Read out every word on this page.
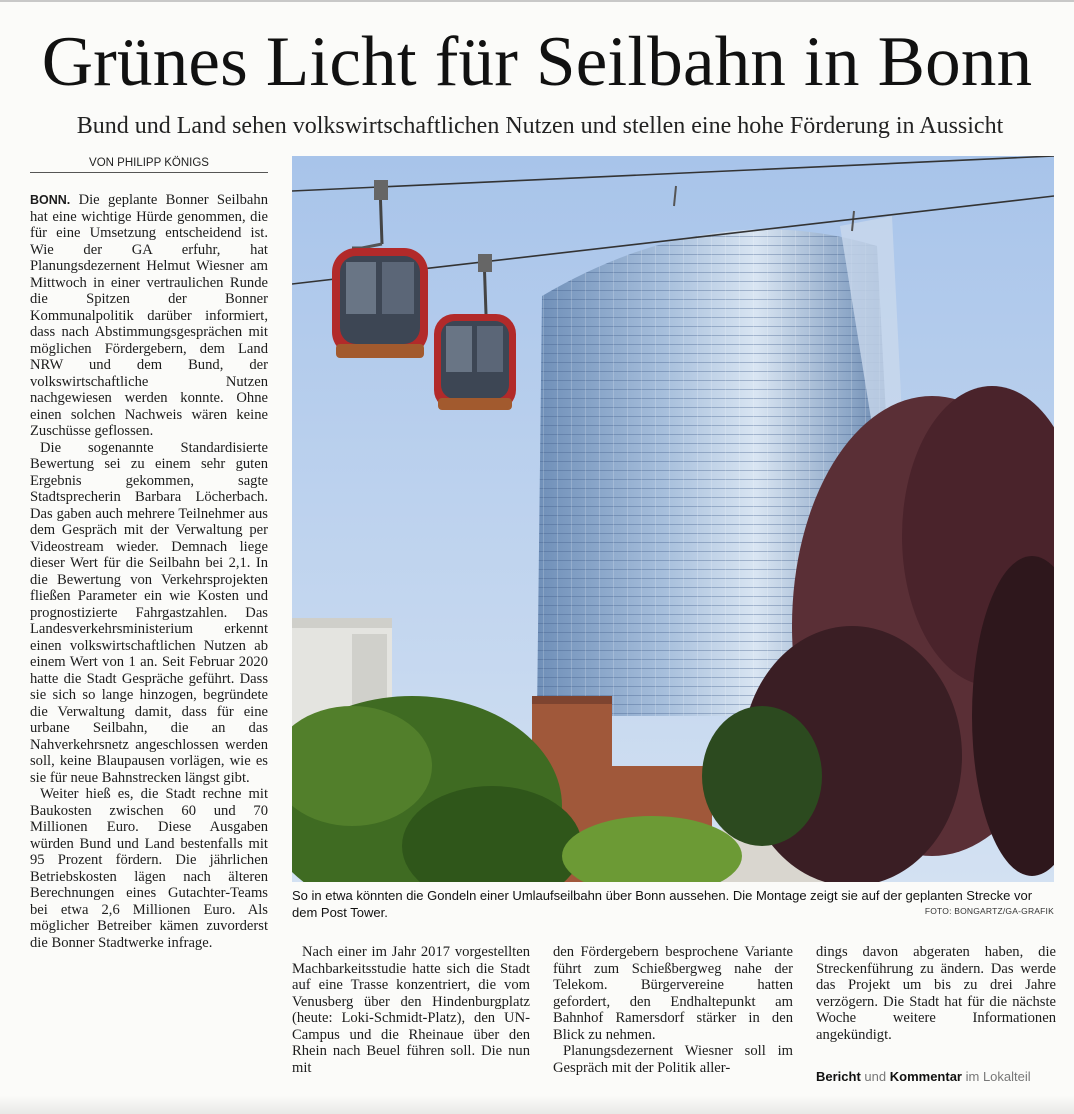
Grünes Licht für Seilbahn in Bonn
Bund und Land sehen volkswirtschaftlichen Nutzen und stellen eine hohe Förderung in Aussicht
VON PHILIPP KÖNIGS

BONN. Die geplante Bonner Seilbahn hat eine wichtige Hürde genommen, die für eine Umsetzung entscheidend ist. Wie der GA erfuhr, hat Planungsdezernent Helmut Wiesner am Mittwoch in einer vertraulichen Runde die Spitzen der Bonner Kommunalpolitik darüber informiert, dass nach Abstimmungsgesprächen mit möglichen Fördergebern, dem Land NRW und dem Bund, der volkswirtschaftliche Nutzen nachgewiesen werden konnte. Ohne einen solchen Nachweis wären keine Zuschüsse geflossen.

Die sogenannte Standardisierte Bewertung sei zu einem sehr guten Ergebnis gekommen, sagte Stadtsprecherin Barbara Löcherbach. Das gaben auch mehrere Teilnehmer aus dem Gespräch mit der Verwaltung per Videostream wieder. Demnach liege dieser Wert für die Seilbahn bei 2,1. In die Bewertung von Verkehrsprojekten fließen Parameter ein wie Kosten und prognostizierte Fahrgastzahlen. Das Landesverkehrsministerium erkennt einen volkswirtschaftlichen Nutzen ab einem Wert von 1 an. Seit Februar 2020 hatte die Stadt Gespräche geführt. Dass sie sich so lange hinzogen, begründete die Verwaltung damit, dass für eine urbane Seilbahn, die an das Nahverkehrsnetz angeschlossen werden soll, keine Blaupausen vorlägen, wie es sie für neue Bahnstrecken längst gibt.

Weiter hieß es, die Stadt rechne mit Baukosten zwischen 60 und 70 Millionen Euro. Diese Ausgaben würden Bund und Land bestenfalls mit 95 Prozent fördern. Die jährlichen Betriebskosten lägen nach älteren Berechnungen eines Gutachter-Teams bei etwa 2,6 Millionen Euro. Als möglicher Betreiber kämen zuvorderst die Bonner Stadtwerke infrage.

So in etwa könnten die Gondeln einer Umlaufseilbahn über Bonn aussehen. Die Montage zeigt sie auf der geplanten Strecke vor dem Post Tower.	FOTO: BONGARTZ/GA-GRAFIK

Nach einer im Jahr 2017 vorgestellten Machbarkeitsstudie hatte sich die Stadt auf eine Trasse konzentriert, die vom Venusberg über den Hindenburgplatz (heute: Loki-Schmidt-Platz), den UN-Campus und die Rheinaue über den Rhein nach Beuel führen soll. Die nun mit

den Fördergebern besprochene Variante führt zum Schießbergweg nahe der Telekom. Bürgervereine hatten gefordert, den Endhaltepunkt am Bahnhof Ramersdorf stärker in den Blick zu nehmen.

Planungsdezernent Wiesner soll im Gespräch mit der Politik aller-

dings davon abgeraten haben, die Streckenführung zu ändern. Das werde das Projekt um bis zu drei Jahre verzögern. Die Stadt hat für die nächste Woche weitere Informationen angekündigt.

Bericht und Kommentar im Lokalteil
